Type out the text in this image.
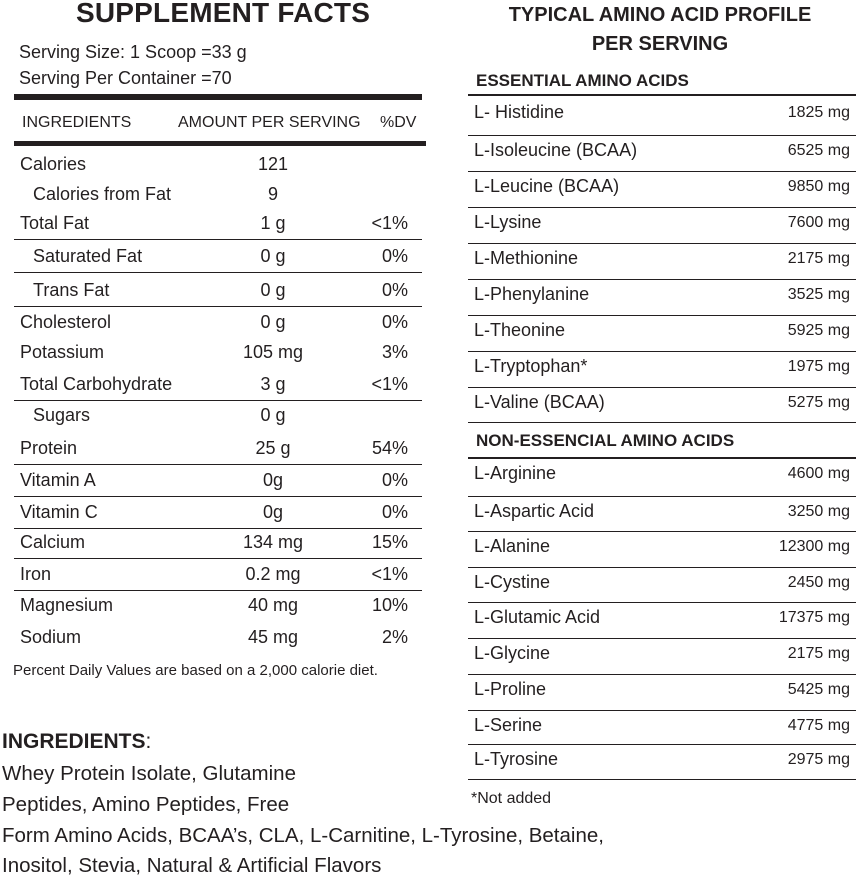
SUPPLEMENT FACTS
Serving Size: 1 Scoop =33 g
Serving Per Container =70
INGREDIENTS	AMOUNT PER SERVING %DV
Calories	121
Calories from Fat	9
Total Fat	1 g	<1%
Saturated Fat	0 g	0%
Trans Fat	0 g	0%
Cholesterol	0 g	0%
Potassium	105 mg	3%
Total Carbohydrate	3 g	<1%
Sugars	0 g
Protein	25 g	54%
Vitamin A	0g	0%
Vitamin C	0g	0%
Calcium	134 mg	15%
Iron	0.2 mg	<1%
Magnesium	40 mg	10%
Sodium	45 mg	2%
Percent Daily Values are based on a 2,000 calorie diet.
INGREDIENTS:
Whey Protein Isolate, Glutamine
Peptides, Amino Peptides, Free
Form Amino Acids, BCAA’s, CLA, L-Carnitine, L-Tyrosine, Betaine,
Inositol, Stevia, Natural & Artificial Flavors
TYPICAL AMINO ACID PROFILE
PER SERVING
ESSENTIAL AMINO ACIDS
L- Histidine	1825 mg
L-Isoleucine (BCAA)	6525 mg
L-Leucine (BCAA)	9850 mg
L-Lysine	7600 mg
L-Methionine	2175 mg
L-Phenylanine	3525 mg
L-Theonine	5925 mg
L-Tryptophan*	1975 mg
L-Valine (BCAA)	5275 mg
NON-ESSENCIAL AMINO ACIDS
L-Arginine	4600 mg
L-Aspartic Acid	3250 mg
L-Alanine	12300 mg
L-Cystine	2450 mg
L-Glutamic Acid	17375 mg
L-Glycine	2175 mg
L-Proline	5425 mg
L-Serine	4775 mg
L-Tyrosine	2975 mg
*Not added
